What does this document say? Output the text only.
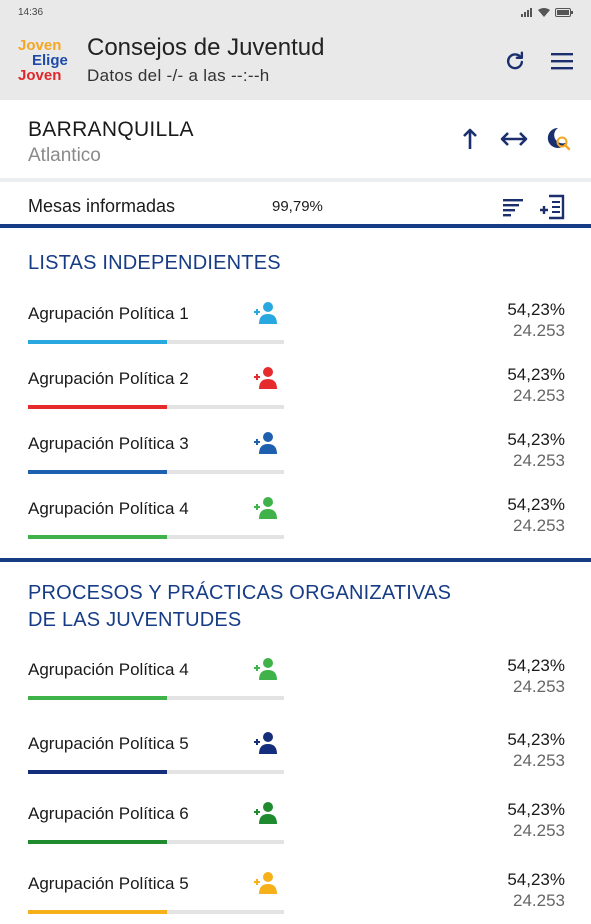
14:36
Joven
Elige
Joven
Consejos de Juventud
Datos del -/- a las --:--h
BARRANQUILLA
Atlantico
Mesas informadas	99,79%
LISTAS INDEPENDIENTES
Agrupación Política 1	54,23%
24.253
Agrupación Política 2	54,23%
24.253
Agrupación Política 3	54,23%
24.253
Agrupación Política 4	54,23%
24.253
PROCESOS Y PRÁCTICAS ORGANIZATIVAS
DE LAS JUVENTUDES
Agrupación Política 4	54,23%
24.253
Agrupación Política 5	54,23%
24.253
Agrupación Política 6	54,23%
24.253
Agrupación Política 5	54,23%
24.253
